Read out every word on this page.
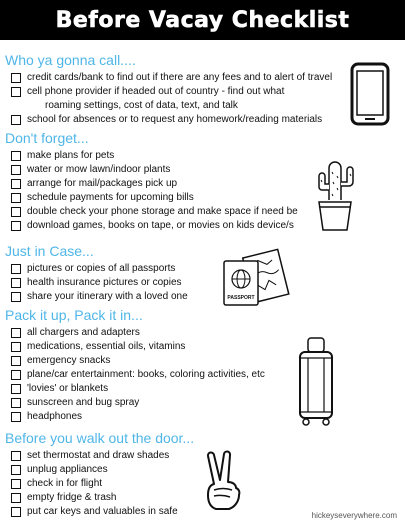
Before Vacay Checklist
Who ya gonna call....
credit cards/bank to find out if there are any fees and to alert of travel
cell phone provider if headed out of country - find out what
roaming settings, cost of data, text, and talk
school for absences or to request any homework/reading materials
Don't forget...
make plans for pets
water or mow lawn/indoor plants
arrange for mail/packages pick up
schedule payments for upcoming bills
double check your phone storage and make space if need be
download games, books on tape, or movies on kids device/s
Just in Case...
pictures or copies of all passports
health insurance pictures or copies
share your itinerary with a loved one
Pack it up, Pack it in...
all chargers and adapters
medications, essential oils, vitamins
emergency snacks
plane/car entertainment: books, coloring activities, etc
'lovies' or blankets
sunscreen and bug spray
headphones
Before you walk out the door...
set thermostat and draw shades
unplug appliances
check in for flight
empty fridge & trash
put car keys and valuables in safe
PASSPORT
hickeyseverywhere.com
